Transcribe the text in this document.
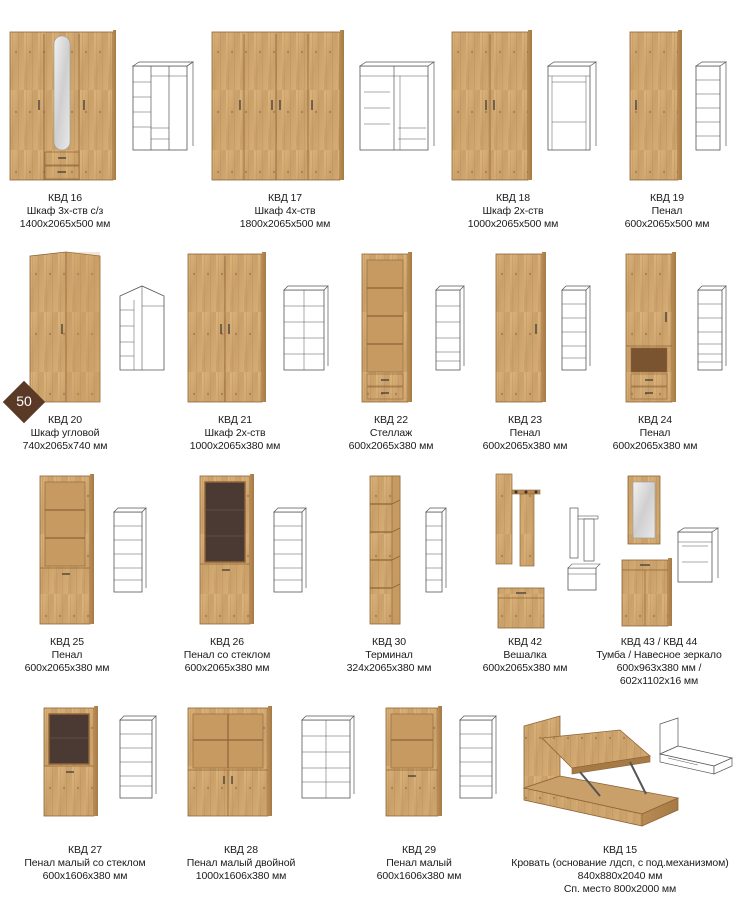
КВД 16
Шкаф 3х-ств с/з
1400х2065х500 мм
КВД 17
Шкаф 4х-ств
1800х2065х500 мм
КВД 18
Шкаф 2х-ств
1000х2065х500 мм
КВД 19
Пенал
600х2065х500 мм
50
КВД 20
Шкаф угловой
740х2065х740 мм
КВД 21
Шкаф 2х-ств
1000х2065х380 мм
КВД 22
Стеллаж
600х2065х380 мм
КВД 23
Пенал
600х2065х380 мм
КВД 24
Пенал
600х2065х380 мм
КВД 25
Пенал
600х2065х380 мм
КВД 26
Пенал со стеклом
600х2065х380 мм
КВД 30
Терминал
324х2065х380 мм
КВД 42
Вешалка
600х2065х380 мм
КВД 43 / КВД 44
Тумба / Навесное зеркало
600х963х380 мм /
602х1102х16 мм
КВД 27
Пенал малый со стеклом
600х1606х380 мм
КВД 28
Пенал малый двойной
1000х1606х380 мм
КВД 29
Пенал малый
600х1606х380 мм
КВД 15
Кровать (основание лдсп, с под.механизмом)
840х880х2040 мм
Сп. место 800х2000 мм
